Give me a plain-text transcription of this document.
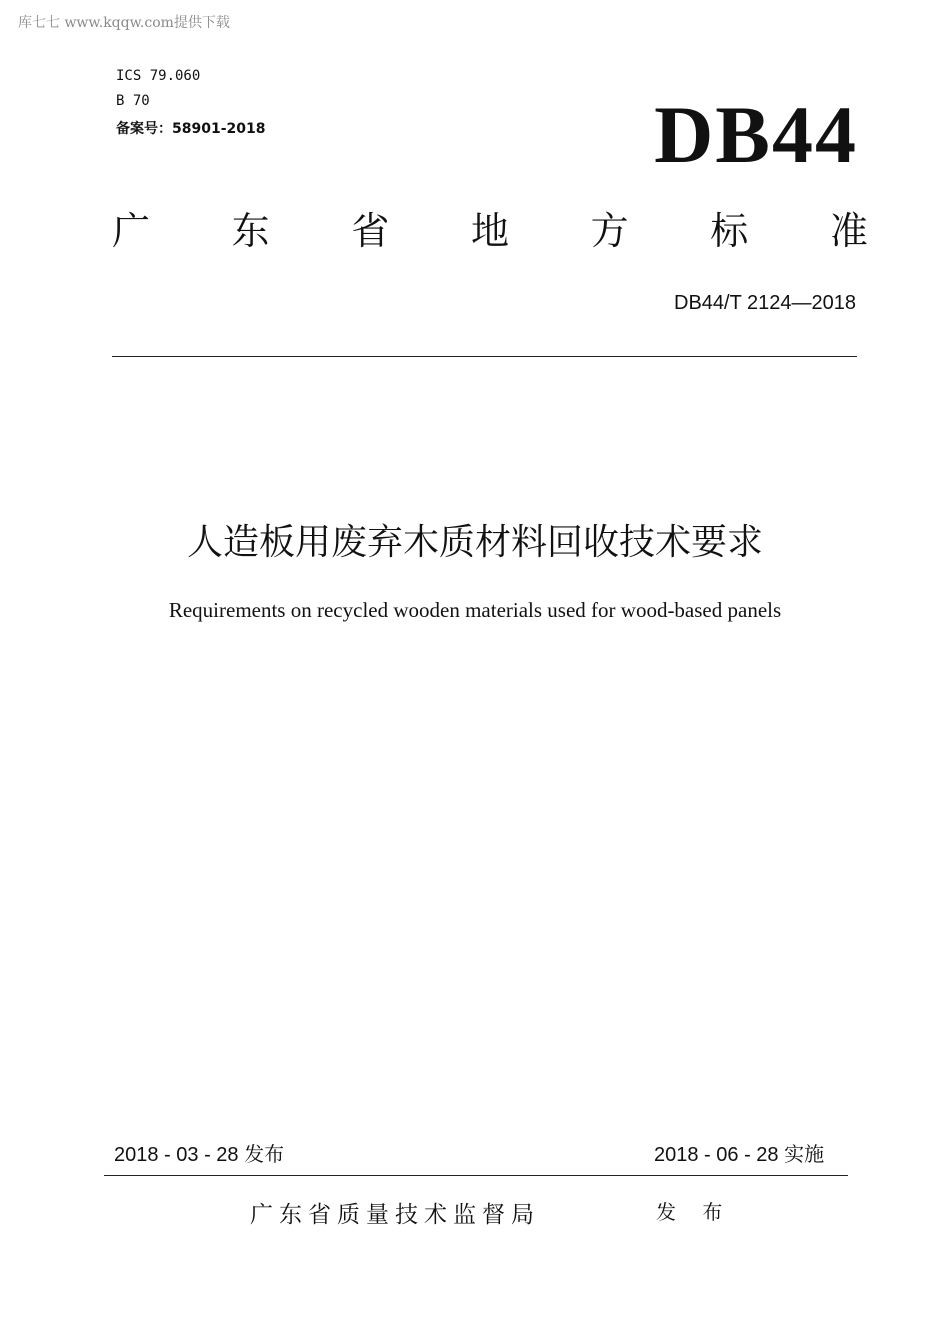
库七七 www.kqqw.com提供下载
ICS 79.060
B 70
备案号：58901-2018	DB44
广 东 省 地 方 标 准
DB44/T 2124—2018
人造板用废弃木质材料回收技术要求
Requirements on recycled wooden materials used for wood-based panels
2018 - 03 - 28 发布	2018 - 06 - 28 实施
广东省质量技术监督局	发 布
